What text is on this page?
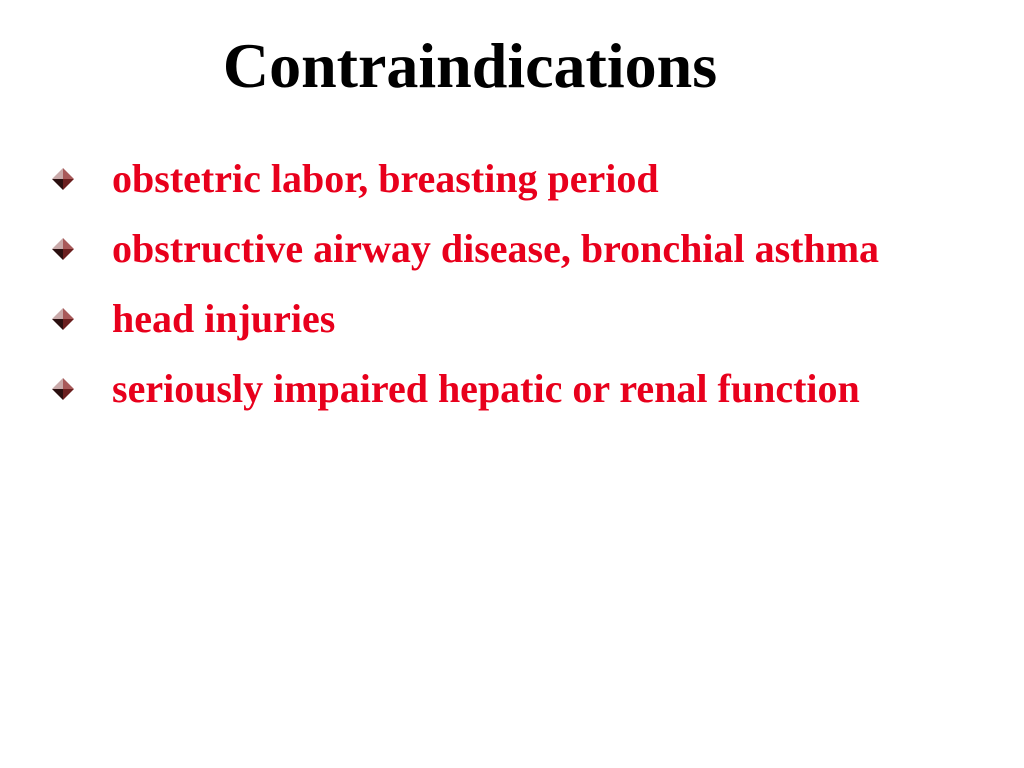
Contraindications
obstetric labor, breasting period
obstructive airway disease, bronchial asthma
head injuries
seriously impaired hepatic or renal function
